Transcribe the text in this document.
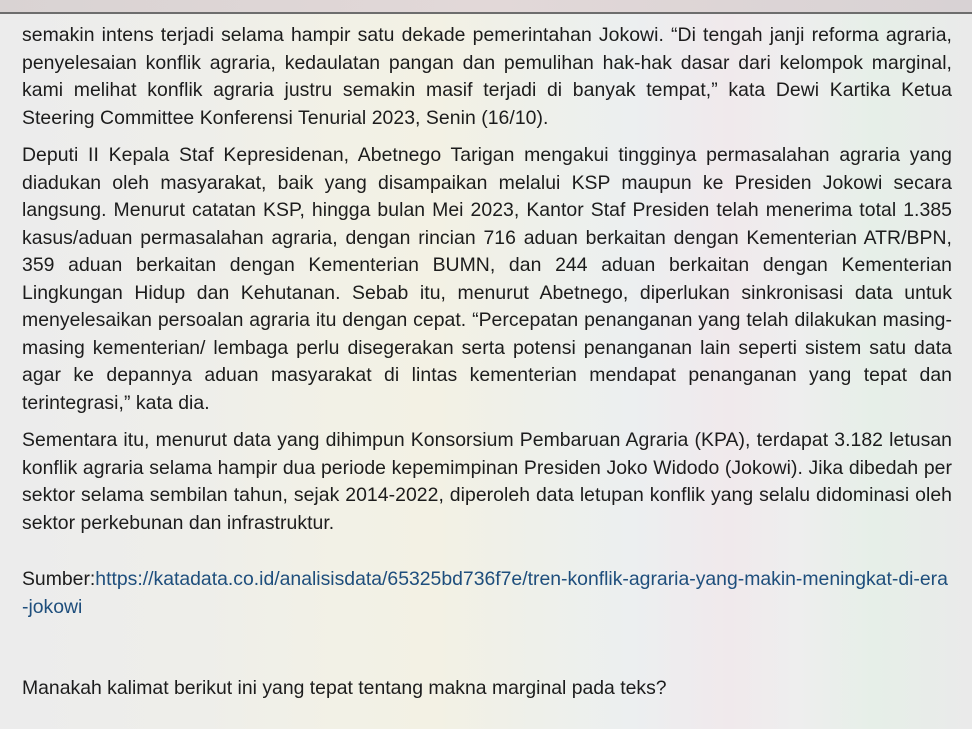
semakin intens terjadi selama hampir satu dekade pemerintahan Jokowi. “Di tengah janji reforma agraria, penyelesaian konflik agraria, kedaulatan pangan dan pemulihan hak-hak dasar dari kelompok marginal, kami melihat konflik agraria justru semakin masif terjadi di banyak tempat,” kata Dewi Kartika Ketua Steering Committee Konferensi Tenurial 2023, Senin (16/10).

Deputi II Kepala Staf Kepresidenan, Abetnego Tarigan mengakui tingginya permasalahan agraria yang diadukan oleh masyarakat, baik yang disampaikan melalui KSP maupun ke Presiden Jokowi secara langsung. Menurut catatan KSP, hingga bulan Mei 2023, Kantor Staf Presiden telah menerima total 1.385 kasus/aduan permasalahan agraria, dengan rincian 716 aduan berkaitan dengan Kementerian ATR/BPN, 359 aduan berkaitan dengan Kementerian BUMN, dan 244 aduan berkaitan dengan Kementerian Lingkungan Hidup dan Kehutanan. Sebab itu, menurut Abetnego, diperlukan sinkronisasi data untuk menyelesaikan persoalan agraria itu dengan cepat. “Percepatan penanganan yang telah dilakukan masing-masing kementerian/ lembaga perlu disegerakan serta potensi penanganan lain seperti sistem satu data agar ke depannya aduan masyarakat di lintas kementerian mendapat penanganan yang tepat dan terintegrasi,” kata dia.

Sementara itu, menurut data yang dihimpun Konsorsium Pembaruan Agraria (KPA), terdapat 3.182 letusan konflik agraria selama hampir dua periode kepemimpinan Presiden Joko Widodo (Jokowi). Jika dibedah per sektor selama sembilan tahun, sejak 2014-2022, diperoleh data letupan konflik yang selalu didominasi oleh sektor perkebunan dan infrastruktur.

Sumber:https://katadata.co.id/analisisdata/65325bd736f7e/tren-konflik-agraria-yang-makin-meningkat-di-era-jokowi

Manakah kalimat berikut ini yang tepat tentang makna marginal pada teks?
